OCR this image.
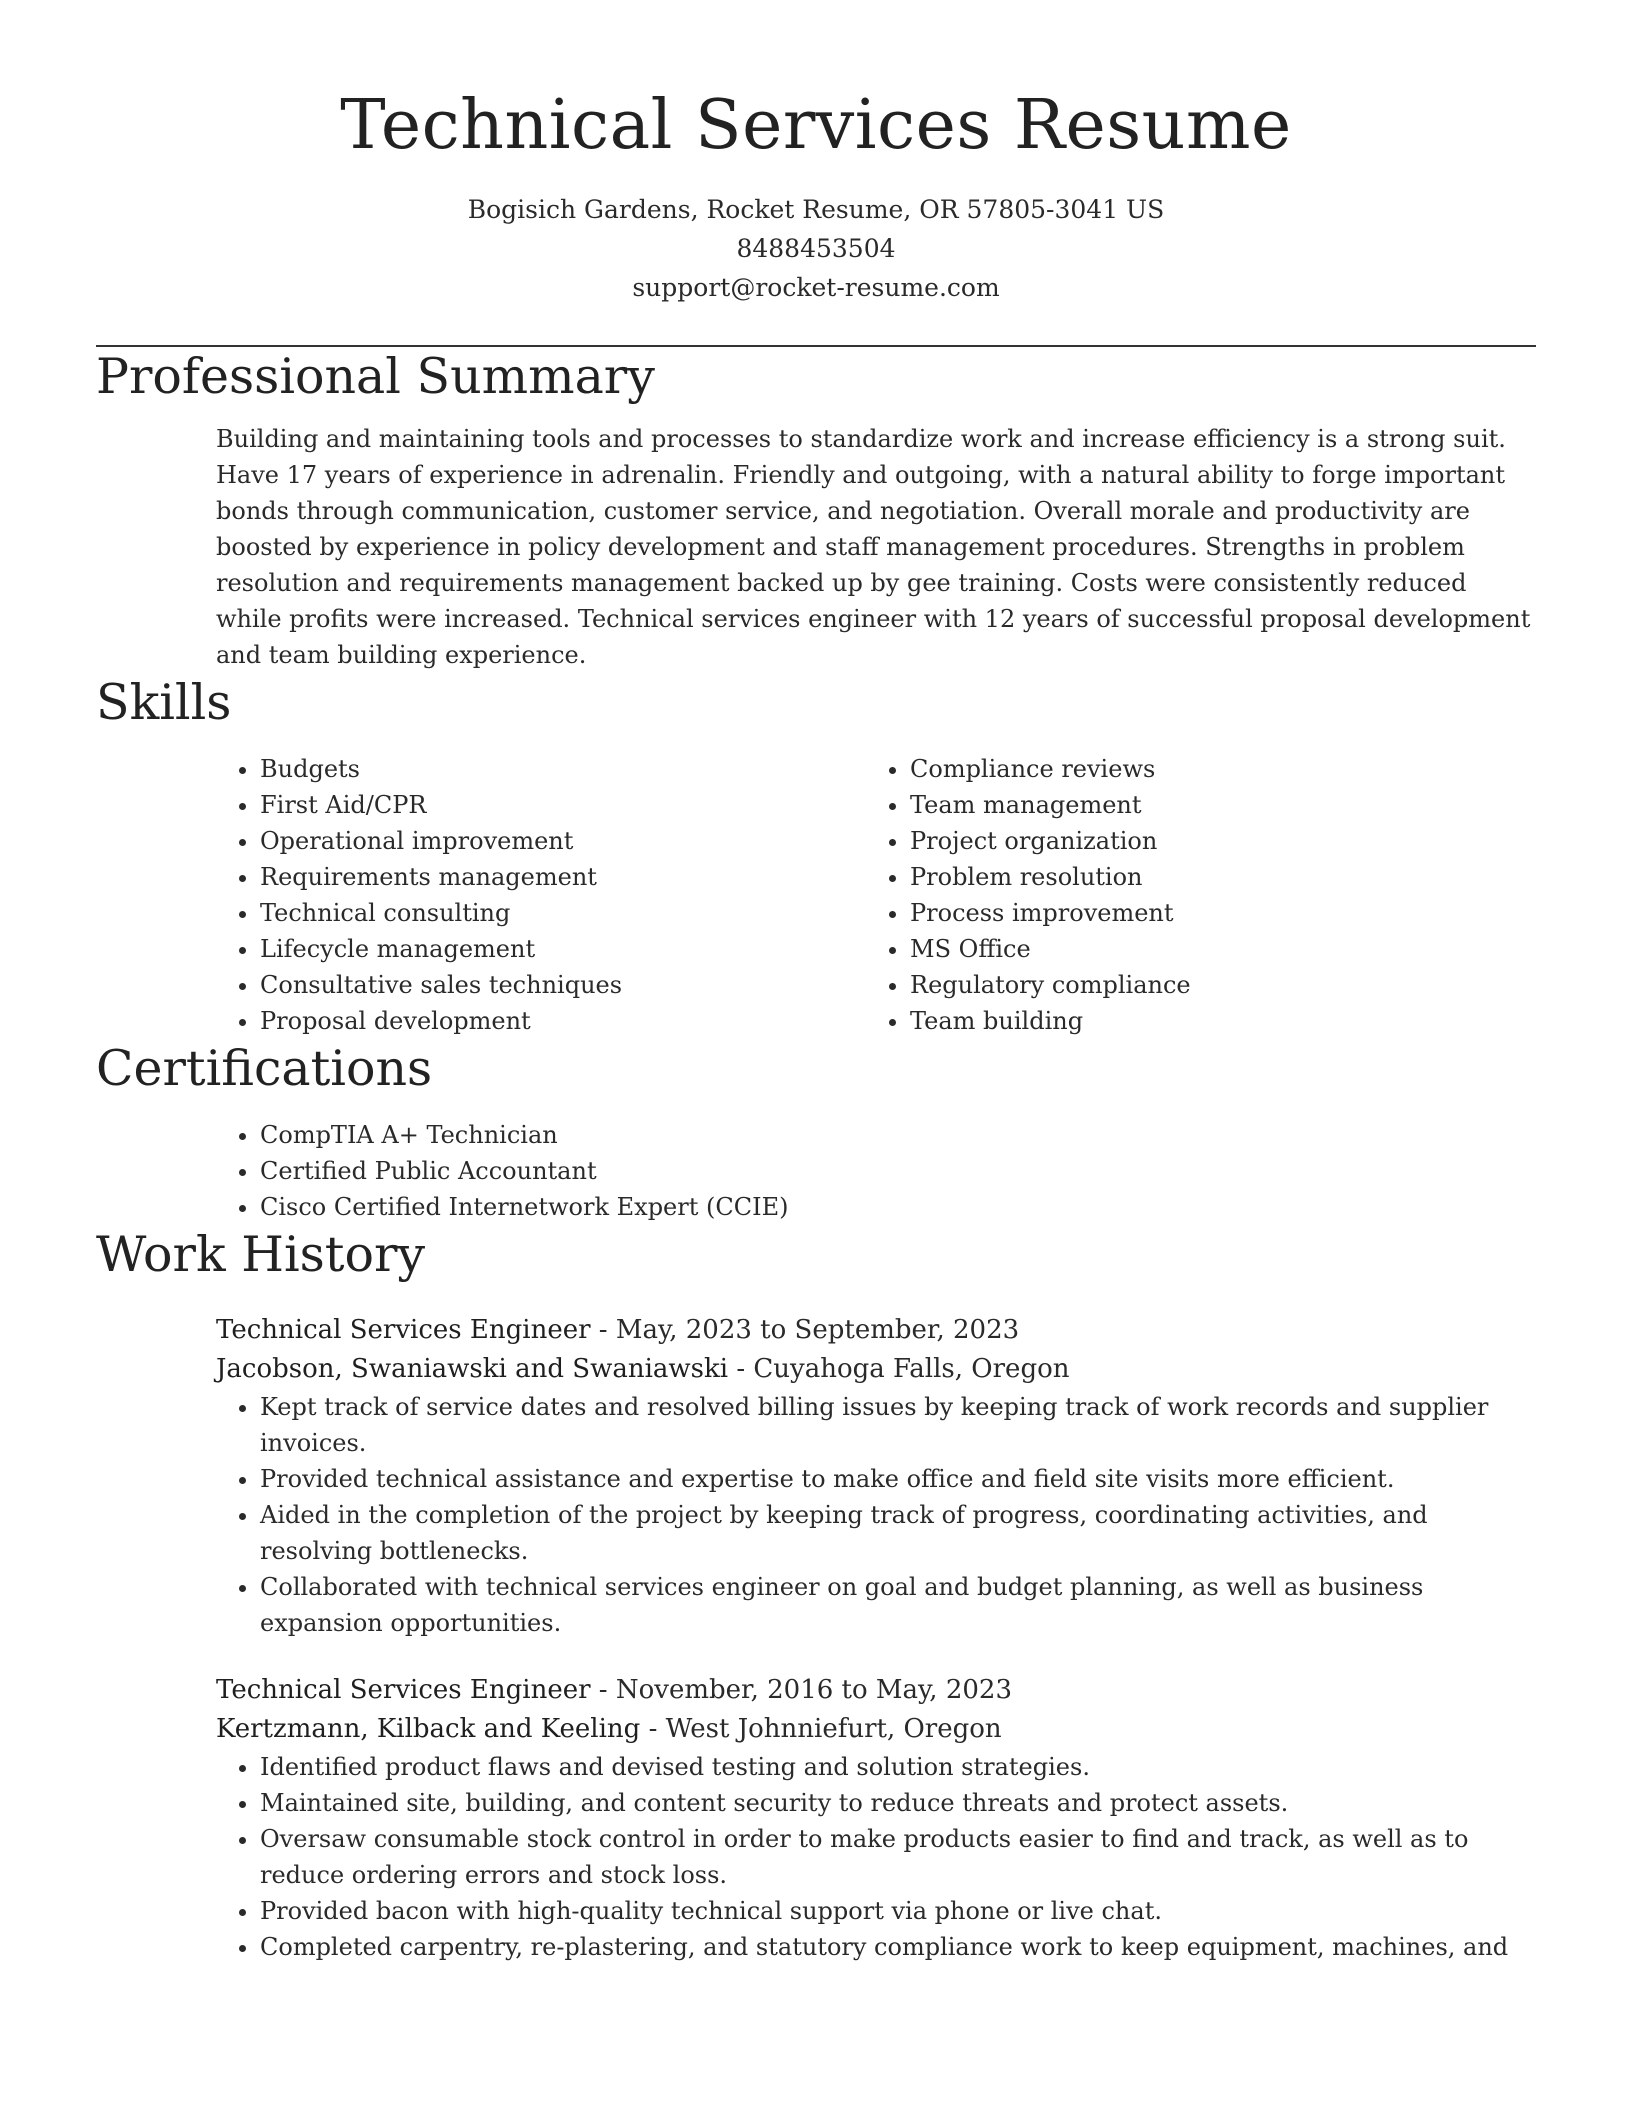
Technical Services Resume
Bogisich Gardens, Rocket Resume, OR 57805-3041 US
8488453504
support@rocket-resume.com
Professional Summary

Building and maintaining tools and processes to standardize work and increase efficiency is a strong suit. Have 17 years of experience in adrenalin. Friendly and outgoing, with a natural ability to forge important bonds through communication, customer service, and negotiation. Overall morale and productivity are boosted by experience in policy development and staff management procedures. Strengths in problem resolution and requirements management backed up by gee training. Costs were consistently reduced while profits were increased. Technical services engineer with 12 years of successful proposal development and team building experience.

Skills
• Budgets
• First Aid/CPR
• Operational improvement
• Requirements management
• Technical consulting
• Lifecycle management
• Consultative sales techniques
• Proposal development
• Compliance reviews
• Team management
• Project organization
• Problem resolution
• Process improvement
• MS Office
• Regulatory compliance
• Team building
Certifications
• CompTIA A+ Technician
• Certified Public Accountant
• Cisco Certified Internetwork Expert (CCIE)
Work History
Technical Services Engineer - May, 2023 to September, 2023
Jacobson, Swaniawski and Swaniawski - Cuyahoga Falls, Oregon
• Kept track of service dates and resolved billing issues by keeping track of work records and supplier invoices.
• Provided technical assistance and expertise to make office and field site visits more efficient.
• Aided in the completion of the project by keeping track of progress, coordinating activities, and resolving bottlenecks.
• Collaborated with technical services engineer on goal and budget planning, as well as business expansion opportunities.
Technical Services Engineer - November, 2016 to May, 2023
Kertzmann, Kilback and Keeling - West Johnniefurt, Oregon
• Identified product flaws and devised testing and solution strategies.
• Maintained site, building, and content security to reduce threats and protect assets.
• Oversaw consumable stock control in order to make products easier to find and track, as well as to reduce ordering errors and stock loss.
• Provided bacon with high-quality technical support via phone or live chat.
• Completed carpentry, re-plastering, and statutory compliance work to keep equipment, machines, and
